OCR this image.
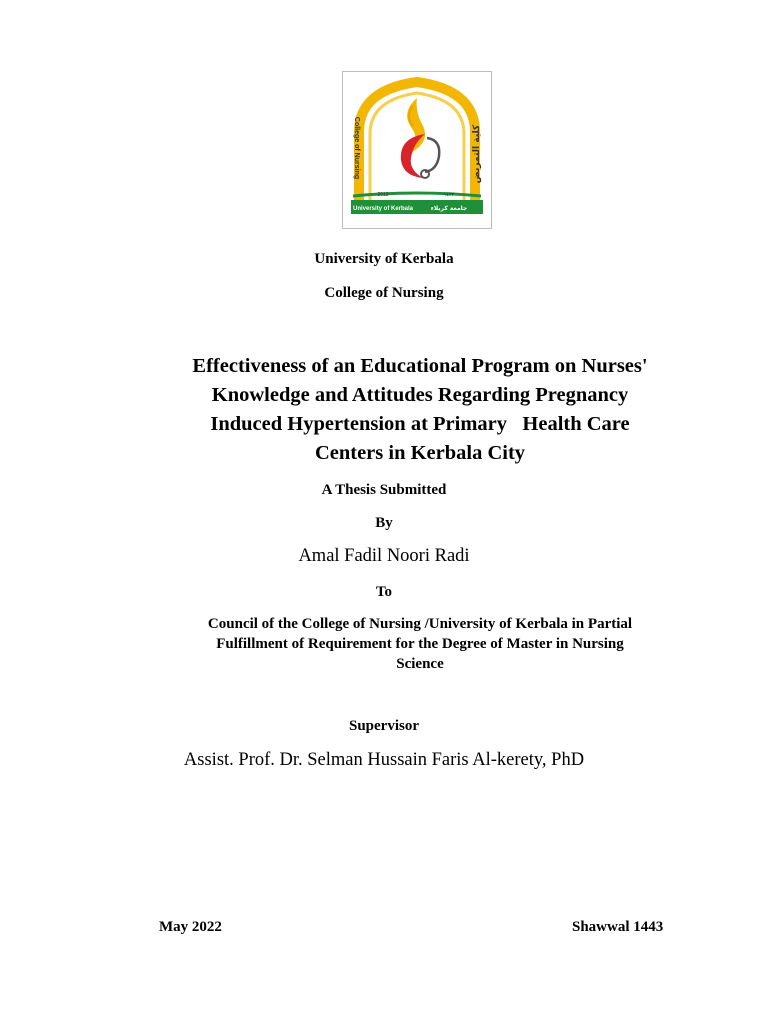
College of Nursing	كلية التمريض
2012	١٤٣٣
University of Kerbala	جامعة كربلاء
University of Kerbala
College of Nursing
Effectiveness of an Educational Program on Nurses'
Knowledge and Attitudes Regarding Pregnancy
Induced Hypertension at Primary   Health Care
Centers in Kerbala City
A Thesis Submitted
By
Amal Fadil Noori Radi
To
Council of the College of Nursing /University of Kerbala in Partial
Fulfillment of Requirement for the Degree of Master in Nursing
Science
Supervisor
Assist. Prof. Dr. Selman Hussain Faris Al-kerety, PhD
May 2022	Shawwal 1443
